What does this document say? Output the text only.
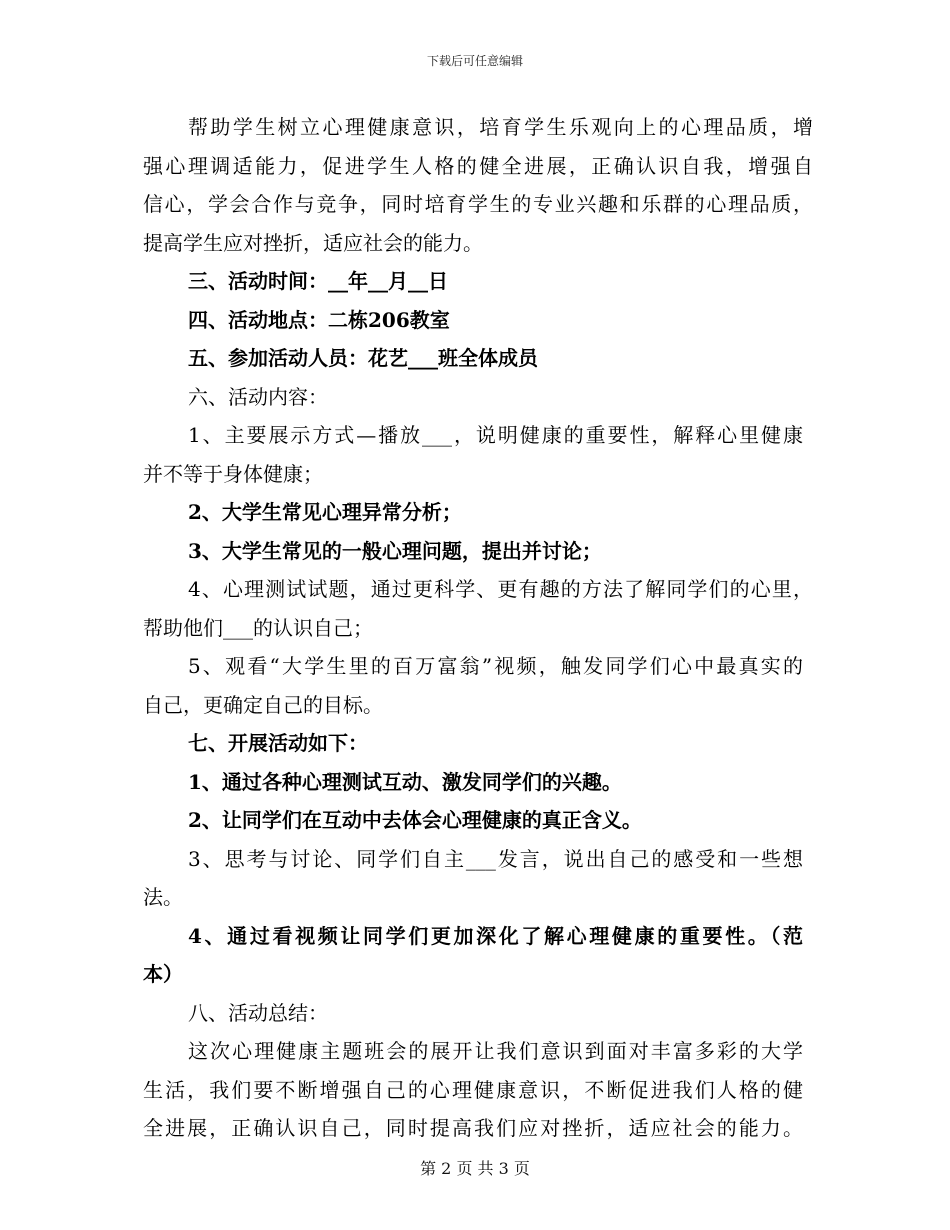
下载后可任意编辑
帮助学生树立心理健康意识，培育学生乐观向上的心理品质，增
强心理调适能力，促进学生人格的健全进展，正确认识自我，增强自
信心，学会合作与竞争，同时培育学生的专业兴趣和乐群的心理品质，
提高学生应对挫折，适应社会的能力。
三、活动时间：__年__月__日
四、活动地点：二栋206教室
五、参加活动人员：花艺___班全体成员
六、活动内容：
1、主要展示方式—播放___，说明健康的重要性，解释心里健康
并不等于身体健康；
2、大学生常见心理异常分析；
3、大学生常见的一般心理问题，提出并讨论；
4、心理测试试题，通过更科学、更有趣的方法了解同学们的心里，
帮助他们___的认识自己；
5、观看“大学生里的百万富翁”视频，触发同学们心中最真实的
自己，更确定自己的目标。
七、开展活动如下：
1、通过各种心理测试互动、激发同学们的兴趣。
2、让同学们在互动中去体会心理健康的真正含义。
3、思考与讨论、同学们自主___发言，说出自己的感受和一些想
法。
4、通过看视频让同学们更加深化了解心理健康的重要性。（范
本）
八、活动总结：
这次心理健康主题班会的展开让我们意识到面对丰富多彩的大学
生活，我们要不断增强自己的心理健康意识，不断促进我们人格的健
全进展，正确认识自己，同时提高我们应对挫折，适应社会的能力。
第 2 页 共 3 页
